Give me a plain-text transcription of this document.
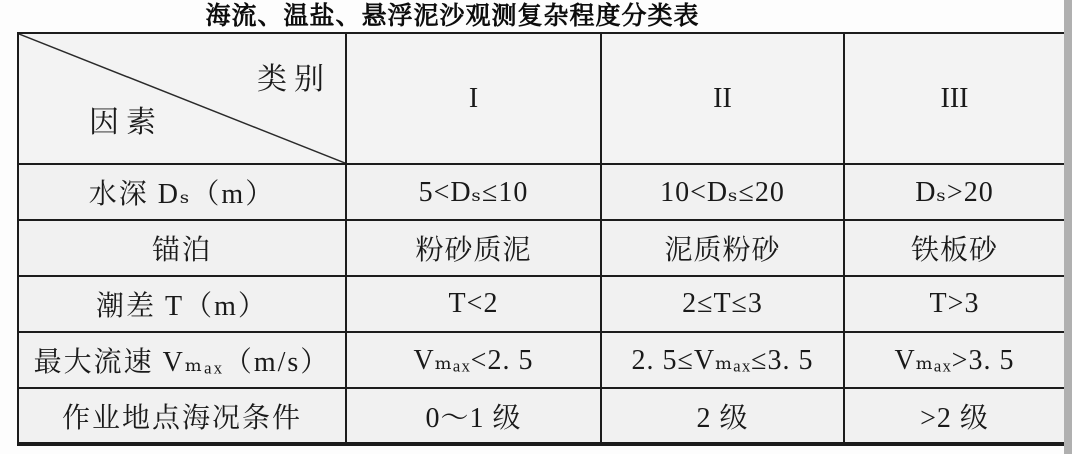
海流、温盐、悬浮泥沙观测复杂程度分类表
类别
因素	I	II	III
水深 Dₛ（m）	5<Dₛ≤10	10<Dₛ≤20	Dₛ>20
锚泊	粉砂质泥	泥质粉砂	铁板砂
潮差 T（m）	T<2	2≤T≤3	T>3
最大流速 Vₘₐₓ（m/s）	Vₘₐₓ<2. 5	2. 5≤Vₘₐₓ≤3. 5	Vₘₐₓ>3. 5
作业地点海况条件	0～1 级	2 级	>2 级
